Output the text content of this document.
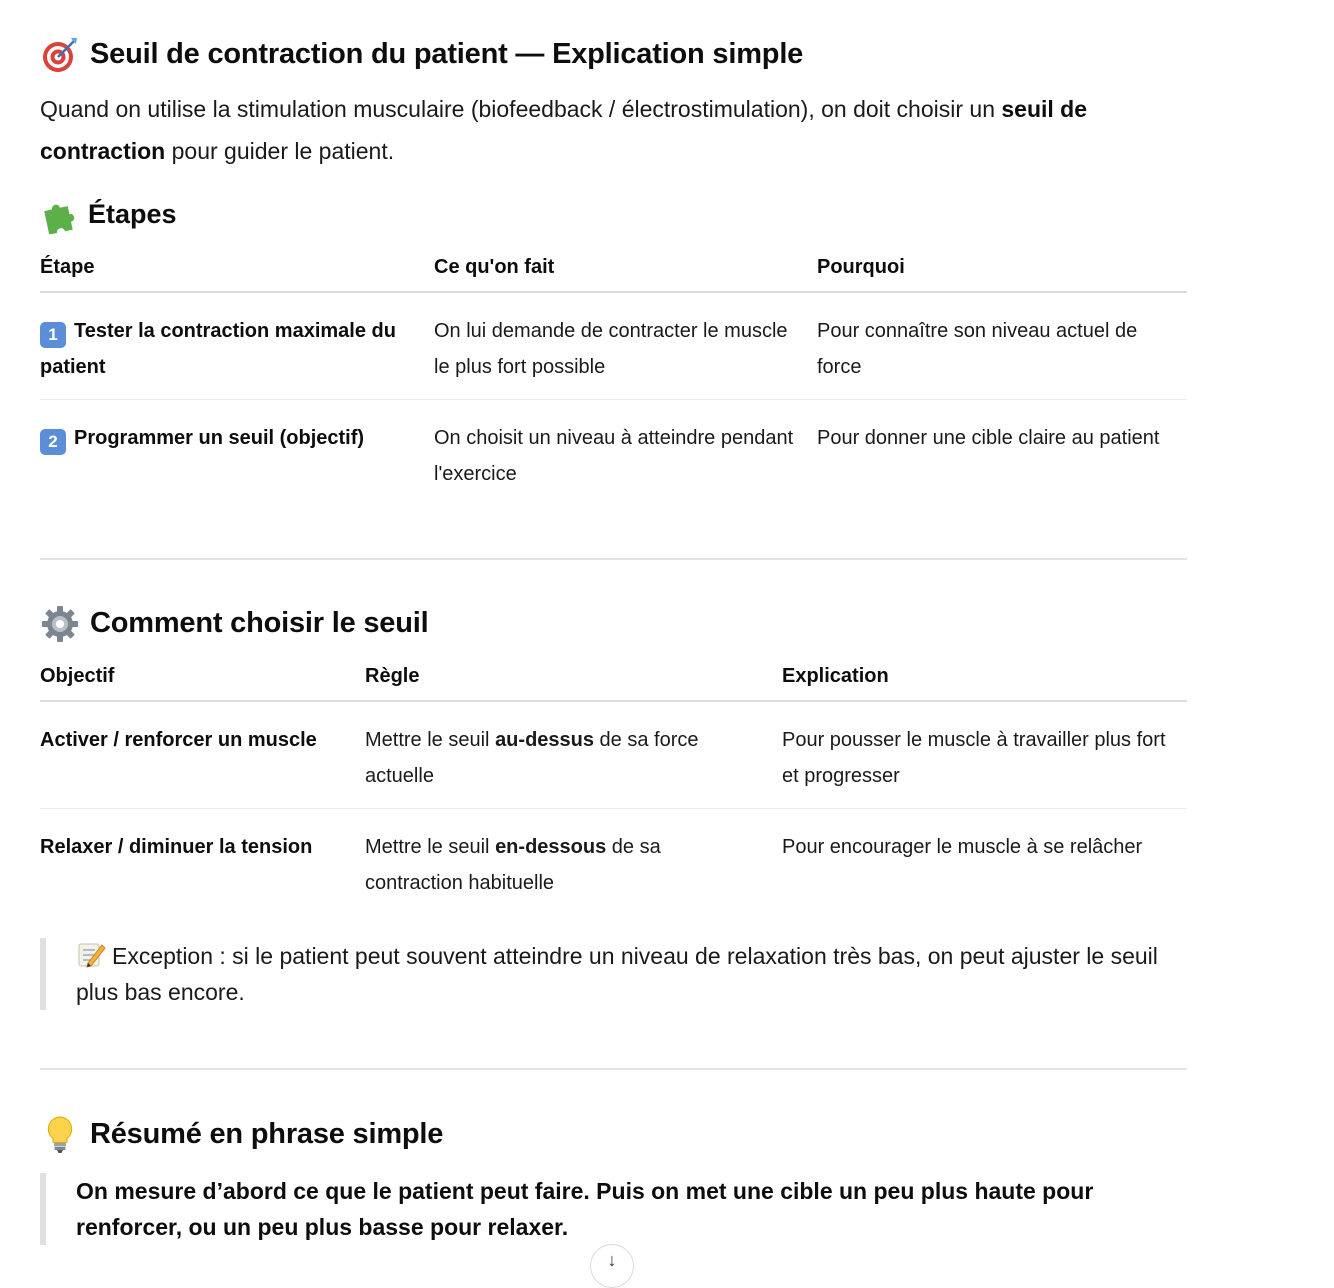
Seuil de contraction du patient — Explication simple

Quand on utilise la stimulation musculaire (biofeedback / électrostimulation), on doit choisir un seuil de contraction pour guider le patient.

Étapes
Étape	Ce qu'on fait	Pourquoi
1 Tester la contraction maximale du patient	On lui demande de contracter le muscle le plus fort possible	Pour connaître son niveau actuel de force
2 Programmer un seuil (objectif)	On choisit un niveau à atteindre pendant l'exercice	Pour donner une cible claire au patient
Comment choisir le seuil
Objectif	Règle	Explication
Activer / renforcer un muscle	Mettre le seuil au-dessus de sa force actuelle	Pour pousser le muscle à travailler plus fort et progresser
Relaxer / diminuer la tension	Mettre le seuil en-dessous de sa contraction habituelle	Pour encourager le muscle à se relâcher
Exception : si le patient peut souvent atteindre un niveau de relaxation très bas, on peut ajuster le seuil plus bas encore.
Résumé en phrase simple
On mesure d’abord ce que le patient peut faire. Puis on met une cible un peu plus haute pour renforcer, ou un peu plus basse pour relaxer.
↓
